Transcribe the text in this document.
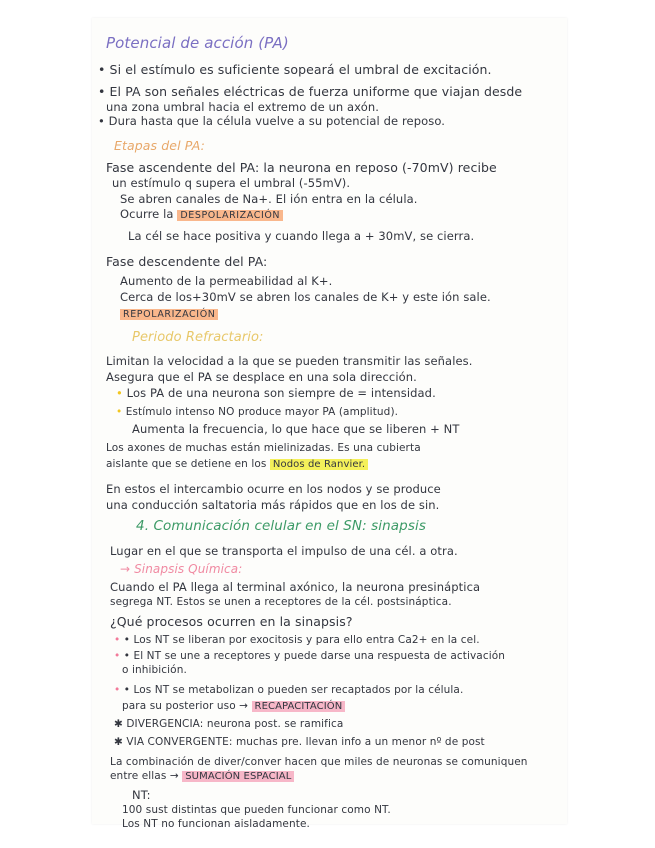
Potencial de acción (PA)
• Si el estímulo es suficiente sopeará el umbral de excitación.
• El PA son señales eléctricas de fuerza uniforme que viajan desde
una zona umbral hacia el extremo de un axón.
• Dura hasta que la célula vuelve a su potencial de reposo.
Etapas del PA:
Fase ascendente del PA: la neurona en reposo (-70mV) recibe
un estímulo q supera el umbral (-55mV).
Se abren canales de Na+. El ión entra en la célula.
Ocurre la DESPOLARIZACIÓN
La cél se hace positiva y cuando llega a + 30mV, se cierra.
Fase descendente del PA:
Aumento de la permeabilidad al K+.
Cerca de los+30mV se abren los canales de K+ y este ión sale.
REPOLARIZACIÓN
Periodo Refractario:
Limitan la velocidad a la que se pueden transmitir las señales.
Asegura que el PA se desplace en una sola dirección.
• Los PA de una neurona son siempre de = intensidad.
• Estímulo intenso NO produce mayor PA (amplitud).
Aumenta la frecuencia, lo que hace que se liberen + NT
Los axones de muchas están mielinizadas. Es una cubierta
aislante que se detiene en los Nodos de Ranvier.
En estos el intercambio ocurre en los nodos y se produce
una conducción saltatoria más rápidos que en los de sin.
4. Comunicación celular en el SN: sinapsis
Lugar en el que se transporta el impulso de una cél. a otra.
→ Sinapsis Química:
Cuando el PA llega al terminal axónico, la neurona presináptica
segrega NT. Estos se unen a receptores de la cél. postsináptica.
¿Qué procesos ocurren en la sinapsis?
• • Los NT se liberan por exocitosis y para ello entra Ca2+ en la cel.
• • El NT se une a receptores y puede darse una respuesta de activación
o inhibición.
• • Los NT se metabolizan o pueden ser recaptados por la célula.
para su posterior uso → RECAPACITACIÓN
✱ DIVERGENCIA: neurona post. se ramifica
✱ VIA CONVERGENTE: muchas pre. llevan info a un menor nº de post
La combinación de diver/conver hacen que miles de neuronas se comuniquen
entre ellas → SUMACIÓN ESPACIAL
NT:
100 sust distintas que pueden funcionar como NT.
Los NT no funcionan aisladamente.
